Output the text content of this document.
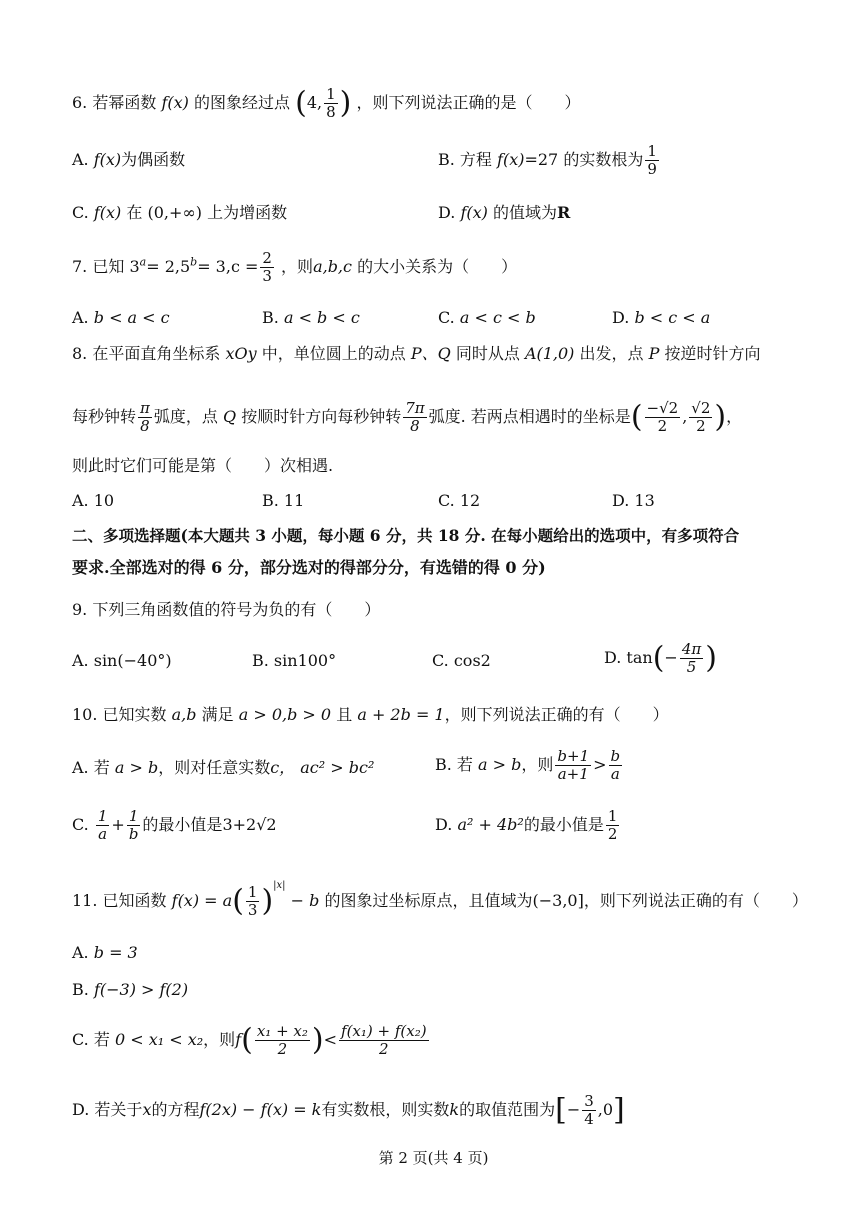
6. 若幂函数 f(x) 的图象经过点 (4, $\frac{1}{8}$ ) ，则下列说法正确的是（　　）
A. f(x)为偶函数	B. 方程 f(x)=27 的实数根为 $\frac{1}{9}$
C. f(x) 在 (0,+∞) 上为增函数	D. f(x) 的值域为R
7. 已知 $3^a= 2,5^b= 3,c = \frac{2}{3}$ ，则a,b,c 的大小关系为（　　）
A. b < a < c	B. a < b < c	C. a < c < b	D. b < c < a
8. 在平面直角坐标系 xOy 中，单位圆上的动点 P、Q 同时从点 A(1,0) 出发，点 P 按逆时针方向
每秒钟转 $\frac{\pi}{8}$ 弧度，点 Q 按顺时针方向每秒钟转 $\frac{7\pi}{8}$ 弧度. 若两点相遇时的坐标是( $\frac{-√2}{2}$ , $\frac{√2}{2}$ )，
则此时它们可能是第（　　）次相遇.
A. 10	B. 11	C. 12	D. 13
二、多项选择题(本大题共 3 小题，每小题 6 分，共 18 分. 在每小题给出的选项中，有多项符合
要求.全部选对的得 6 分，部分选对的得部分分，有选错的得 0 分)
9. 下列三角函数值的符号为负的有（　　）
A. sin(−40°)	B. sin100°	C. cos2	D. $\tan(- \frac{4\pi}{5}$ )
10. 已知实数 a,b 满足 a > 0,b > 0 且 a + 2b = 1，则下列说法正确的有（　　）
A. 若 a > b，则对任意实数c， ac² > bc²	B. 若 a > b，则 $\frac{b+1}{a+1} > \frac{b}{a}$
C. $\frac{1}{a} + \frac{1}{b}$ 的最小值是3+2√2	D. a² + 4b²的最小值是 $\frac{1}{2}$
11. 已知函数 $f(x) = a( \frac{1}{3} )^{|x|} - b$ 的图象过坐标原点，且值域为(−3,0]，则下列说法正确的有（　　）
A. b = 3
B. f(−3) > f(2)
C. 若 0 < x₁ < x₂，则$f( \frac{\text{x₁ + x₂}}{2}$ )< $\frac{\text{f(x₁) + f(x₂)}}{2}$
D. 若关于x的方程f(2x) − f(x) = k有实数根，则实数k的取值范围为[− $\frac{3}{4} ,0$]
第 2 页(共 4 页)
